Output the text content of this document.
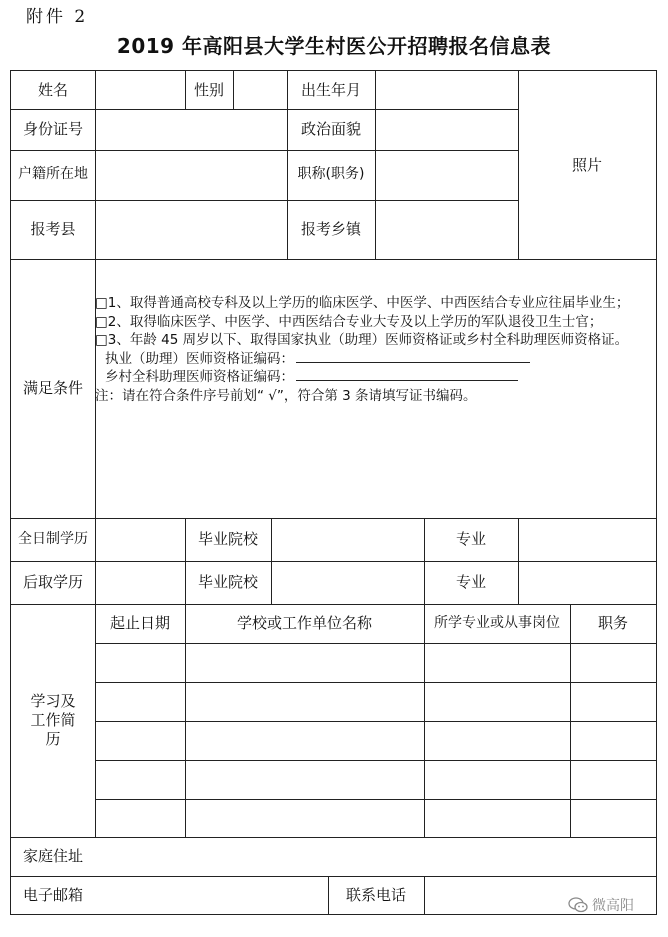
附件 2
2019 年高阳县大学生村医公开招聘报名信息表
姓名	性别	出生年月
照片
身份证号	政治面貌
户籍所在地	职称(职务)
报考县	报考乡镇
满足条件

□1、取得普通高校专科及以上学历的临床医学、中医学、中西医结合专业应往届毕业生；

□2、取得临床医学、中医学、中西医结合专业大专及以上学历的军队退役卫生士官；

□3、年龄 45 周岁以下、取得国家执业（助理）医师资格证或乡村全科助理医师资格证。

执业（助理）医师资格证编码：

乡村全科助理医师资格证编码：

注：请在符合条件序号前划“ √”，符合第 3 条请填写证书编码。

全日制学历	毕业院校	专业
后取学历	毕业院校	专业
学习及工作简历
起止日期	学校或工作单位名称	所学专业或从事岗位	职务
家庭住址
电子邮箱	联系电话
微高阳
